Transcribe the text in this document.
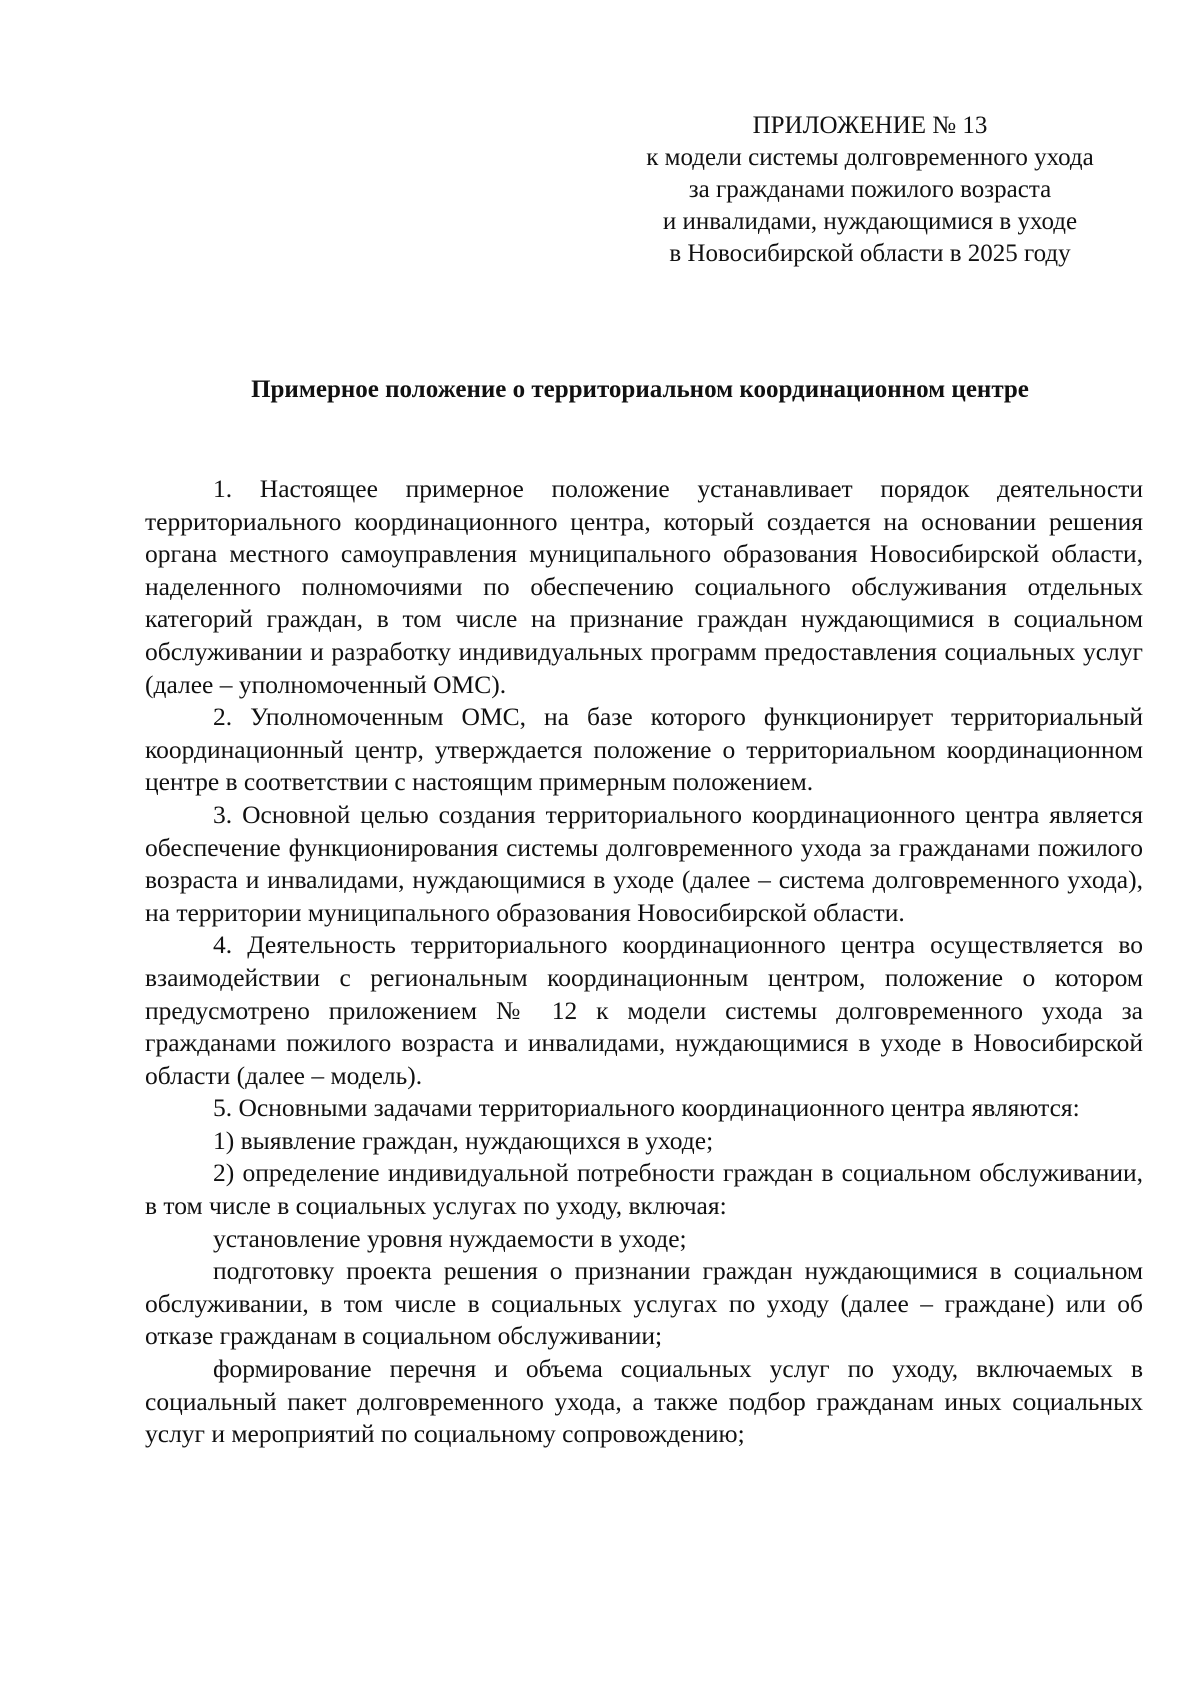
ПРИЛОЖЕНИЕ № 13
к модели системы долговременного ухода
за гражданами пожилого возраста
и инвалидами, нуждающимися в уходе
в Новосибирской области в 2025 году
Примерное положение о территориальном координационном центре

1. Настоящее примерное положение устанавливает порядок деятельности территориального координационного центра, который создается на основании решения органа местного самоуправления муниципального образования Новосибирской области, наделенного полномочиями по обеспечению социального обслуживания отдельных категорий граждан, в том числе на признание граждан нуждающимися в социальном обслуживании и разработку индивидуальных программ предоставления социальных услуг (далее – уполномоченный ОМС).

2. Уполномоченным ОМС, на базе которого функционирует территориальный координационный центр, утверждается положение о территориальном координационном центре в соответствии с настоящим примерным положением.

3. Основной целью создания территориального координационного центра является обеспечение функционирования системы долговременного ухода за гражданами пожилого возраста и инвалидами, нуждающимися в уходе (далее – система долговременного ухода), на территории муниципального образования Новосибирской области.

4. Деятельность территориального координационного центра осуществляется во взаимодействии с региональным координационным центром, положение о котором предусмотрено приложением № 12 к модели системы долговременного ухода за гражданами пожилого возраста и инвалидами, нуждающимися в уходе в Новосибирской области (далее – модель).

5. Основными задачами территориального координационного центра являются:

1) выявление граждан, нуждающихся в уходе;

2) определение индивидуальной потребности граждан в социальном обслуживании, в том числе в социальных услугах по уходу, включая:

установление уровня нуждаемости в уходе;

подготовку проекта решения о признании граждан нуждающимися в социальном обслуживании, в том числе в социальных услугах по уходу (далее – граждане) или об отказе гражданам в социальном обслуживании;

формирование перечня и объема социальных услуг по уходу, включаемых в социальный пакет долговременного ухода, а также подбор гражданам иных социальных услуг и мероприятий по социальному сопровождению;
